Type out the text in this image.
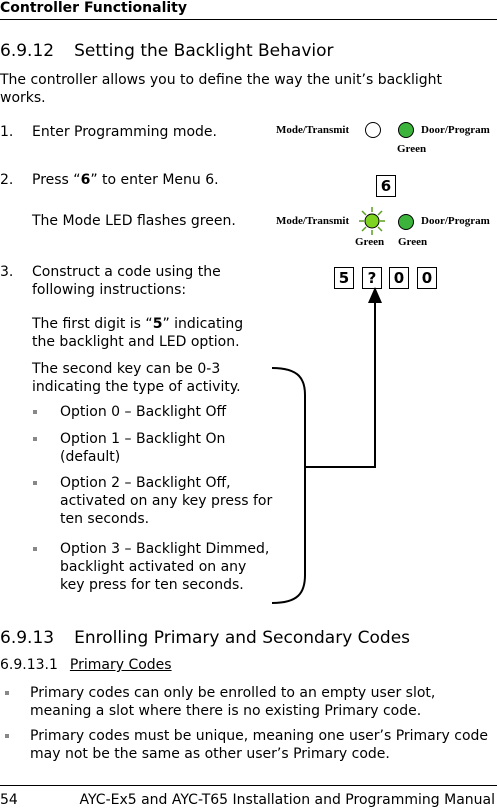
Controller Functionality
6.9.12 Setting the Backlight Behavior
The controller allows you to define the way the unit’s backlight works.
1. Enter Programming mode.
2. Press “6” to enter Menu 6.
The Mode LED flashes green.
3. Construct a code using the following instructions:
The first digit is “5” indicating the backlight and LED option.
The second key can be 0-3 indicating the type of activity.
Option 0 – Backlight Off
Option 1 – Backlight On (default)
Option 2 – Backlight Off, activated on any key press for ten seconds.
Option 3 – Backlight Dimmed, backlight activated on any key press for ten seconds.
Mode/Transmit	Door/Program
Green
6
Mode/Transmit	Door/Program
Green Green
5	?	0	0
6.9.13 Enrolling Primary and Secondary Codes
6.9.13.1 Primary Codes
Primary codes can only be enrolled to an empty user slot, meaning a slot where there is no existing Primary code.
Primary codes must be unique, meaning one user’s Primary code may not be the same as other user’s Primary code.
54	AYC-Ex5 and AYC-T65 Installation and Programming Manual
